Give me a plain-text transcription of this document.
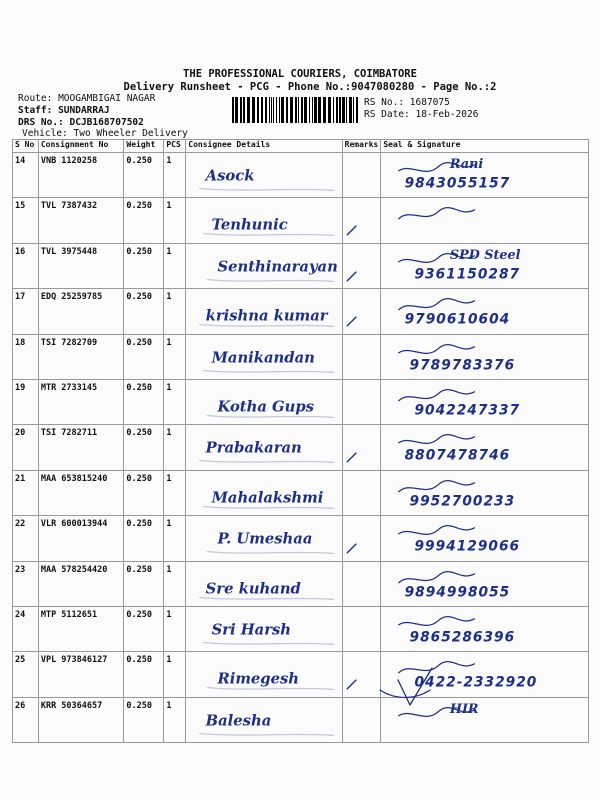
THE PROFESSIONAL COURIERS, COIMBATORE
Delivery Runsheet - PCG - Phone No.:9047080280 - Page No.:2
Route: MOOGAMBIGAI NAGAR
Staff: SUNDARRAJ
DRS No.: DCJB168707502
Vehicle: Two Wheeler Delivery
RS No.: 1687075
RS Date: 18-Feb-2026
S No	Consignment No	Weight	PCS	Consignee Details	Remarks	Seal & Signature
14	VNB 1120258	0.250	1	Asock		Rani
9843055157

15	TVL 7387432	0.250	1	Tenhunic

16	TVL 3975448	0.250	1	Senthinarayan		SPD Steel
9361150287

17	EDQ 25259785	0.250	1	krishna kumar		9790610604

18	TSI 7282709	0.250	1	Manikandan		9789783376

19	MTR 2733145	0.250	1	Kotha Gups		9042247337

20	TSI 7282711	0.250	1	Prabakaran		8807478746

21	MAA 653815240	0.250	1	Mahalakshmi		9952700233

22	VLR 600013944	0.250	1	P. Umeshaa		9994129066

23	MAA 578254420	0.250	1	Sre kuhand		9894998055

24	MTP 5112651	0.250	1	Sri Harsh		9865286396

25	VPL 973846127	0.250	1	Rimegesh		0422-2332920

26	KRR 50364657	0.250	1	Balesha		HIR
